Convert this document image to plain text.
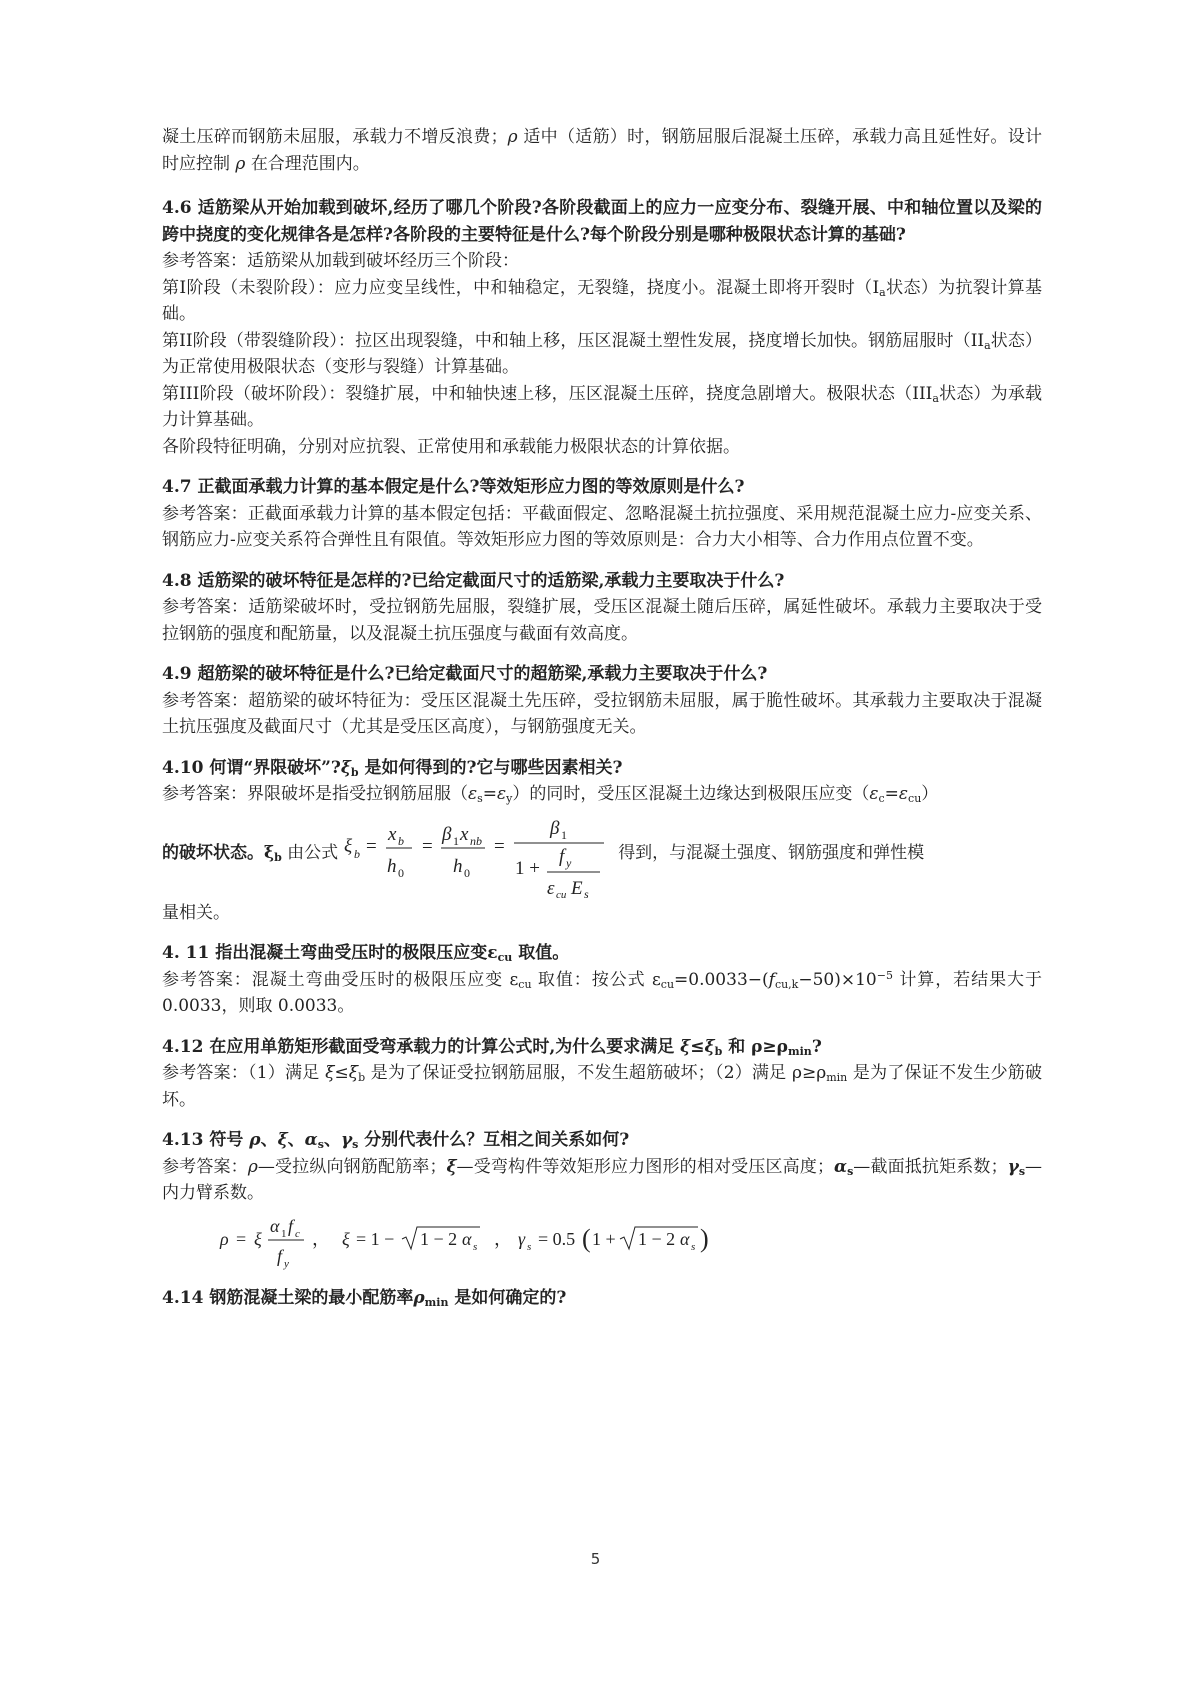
凝土压碎而钢筋未屈服，承载力不增反浪费；ρ 适中（适筋）时，钢筋屈服后混凝土压碎，承载力高且延性好。设计时应控制 ρ 在合理范围内。

4.6 适筋梁从开始加载到破坏,经历了哪几个阶段?各阶段截面上的应力一应变分布、裂缝开展、中和轴位置以及梁的跨中挠度的变化规律各是怎样?各阶段的主要特征是什么?每个阶段分别是哪种极限状态计算的基础?

参考答案：适筋梁从加载到破坏经历三个阶段：

第I阶段（未裂阶段）：应力应变呈线性，中和轴稳定，无裂缝，挠度小。混凝土即将开裂时（$I_a$状态）为抗裂计算基础。

第II阶段（带裂缝阶段）：拉区出现裂缝，中和轴上移，压区混凝土塑性发展，挠度增长加快。钢筋屈服时（$II_a$状态）为正常使用极限状态（变形与裂缝）计算基础。

第III阶段（破坏阶段）：裂缝扩展，中和轴快速上移，压区混凝土压碎，挠度急剧增大。极限状态（$III_a$状态）为承载力计算基础。

各阶段特征明确，分别对应抗裂、正常使用和承载能力极限状态的计算依据。

4.7 正截面承载力计算的基本假定是什么?等效矩形应力图的等效原则是什么?

参考答案：正截面承载力计算的基本假定包括：平截面假定、忽略混凝土抗拉强度、采用规范混凝土应力-应变关系、钢筋应力-应变关系符合弹性且有限值。等效矩形应力图的等效原则是：合力大小相等、合力作用点位置不变。

4.8 适筋梁的破坏特征是怎样的?已给定截面尺寸的适筋梁,承载力主要取决于什么?

参考答案：适筋梁破坏时，受拉钢筋先屈服，裂缝扩展，受压区混凝土随后压碎，属延性破坏。承载力主要取决于受拉钢筋的强度和配筋量，以及混凝土抗压强度与截面有效高度。

4.9 超筋梁的破坏特征是什么?已给定截面尺寸的超筋梁,承载力主要取决于什么?

参考答案：超筋梁的破坏特征为：受压区混凝土先压碎，受拉钢筋未屈服，属于脆性破坏。其承载力主要取决于混凝土抗压强度及截面尺寸（尤其是受压区高度），与钢筋强度无关。

4.10 何谓“界限破坏$”?\xi_b$ 是如何得到的?它与哪些因素相关?

参考答案：界限破坏是指受拉钢筋屈服$(\varepsilon_s=\varepsilon_y)$的同时，受压区混凝土边缘达到极限压应变$(\varepsilon_c=\varepsilon_{cu})$

的破坏状态。$\xi_b$ 由公式 ξ b =
x b
h 0
=
β 1 x nb
h 0
=
β 1
1 +
f y
ε cu E s
得到，与混凝土强度、钢筋强度和弹性模

量相关。

4. 11 指出混凝土弯曲受压时的极限压应变$\varepsilon_{cu}$ 取值。

参考答案：混凝土弯曲受压时的极限压应变 $\varepsilon_{cu}$ 取值：按公式 $\varepsilon_{cu}=0.0033-(f_{cu,k}-50)\times 10^{-5}$ 计算，若结果大于 0.0033，则取 0.0033。

4.12 在应用单筋矩形截面受弯承载力的计算公式时,为什么要求满足 $\xi\le\xi_b$ 和 $\rho\ge\rho_{min}$?

参考答案：（1）满足 $\xi\le\xi_b$ 是为了保证受拉钢筋屈服，不发生超筋破坏；（2）满足 $\rho\ge\rho_{min}$ 是为了保证不发生少筋破坏。

4.13 符号 ρ、ξ、$\alpha_s$、$\gamma_s$ 分别代表什么？互相之间关系如何?

参考答案：ρ—受拉纵向钢筋配筋率；ξ—受弯构件等效矩形应力图形的相对受压区高度；$\alpha_s—$截面抵抗矩系数；$\gamma_s—$内力臂系数。

ρ = ξ
α 1 f c
f y
， ξ = 1 − 1 − 2 α s ， γ s = 0.5 ( 1 + 1 − 2 α s )

4.14 钢筋混凝土梁的最小配筋率$\rho_{min}$ 是如何确定的?

5
